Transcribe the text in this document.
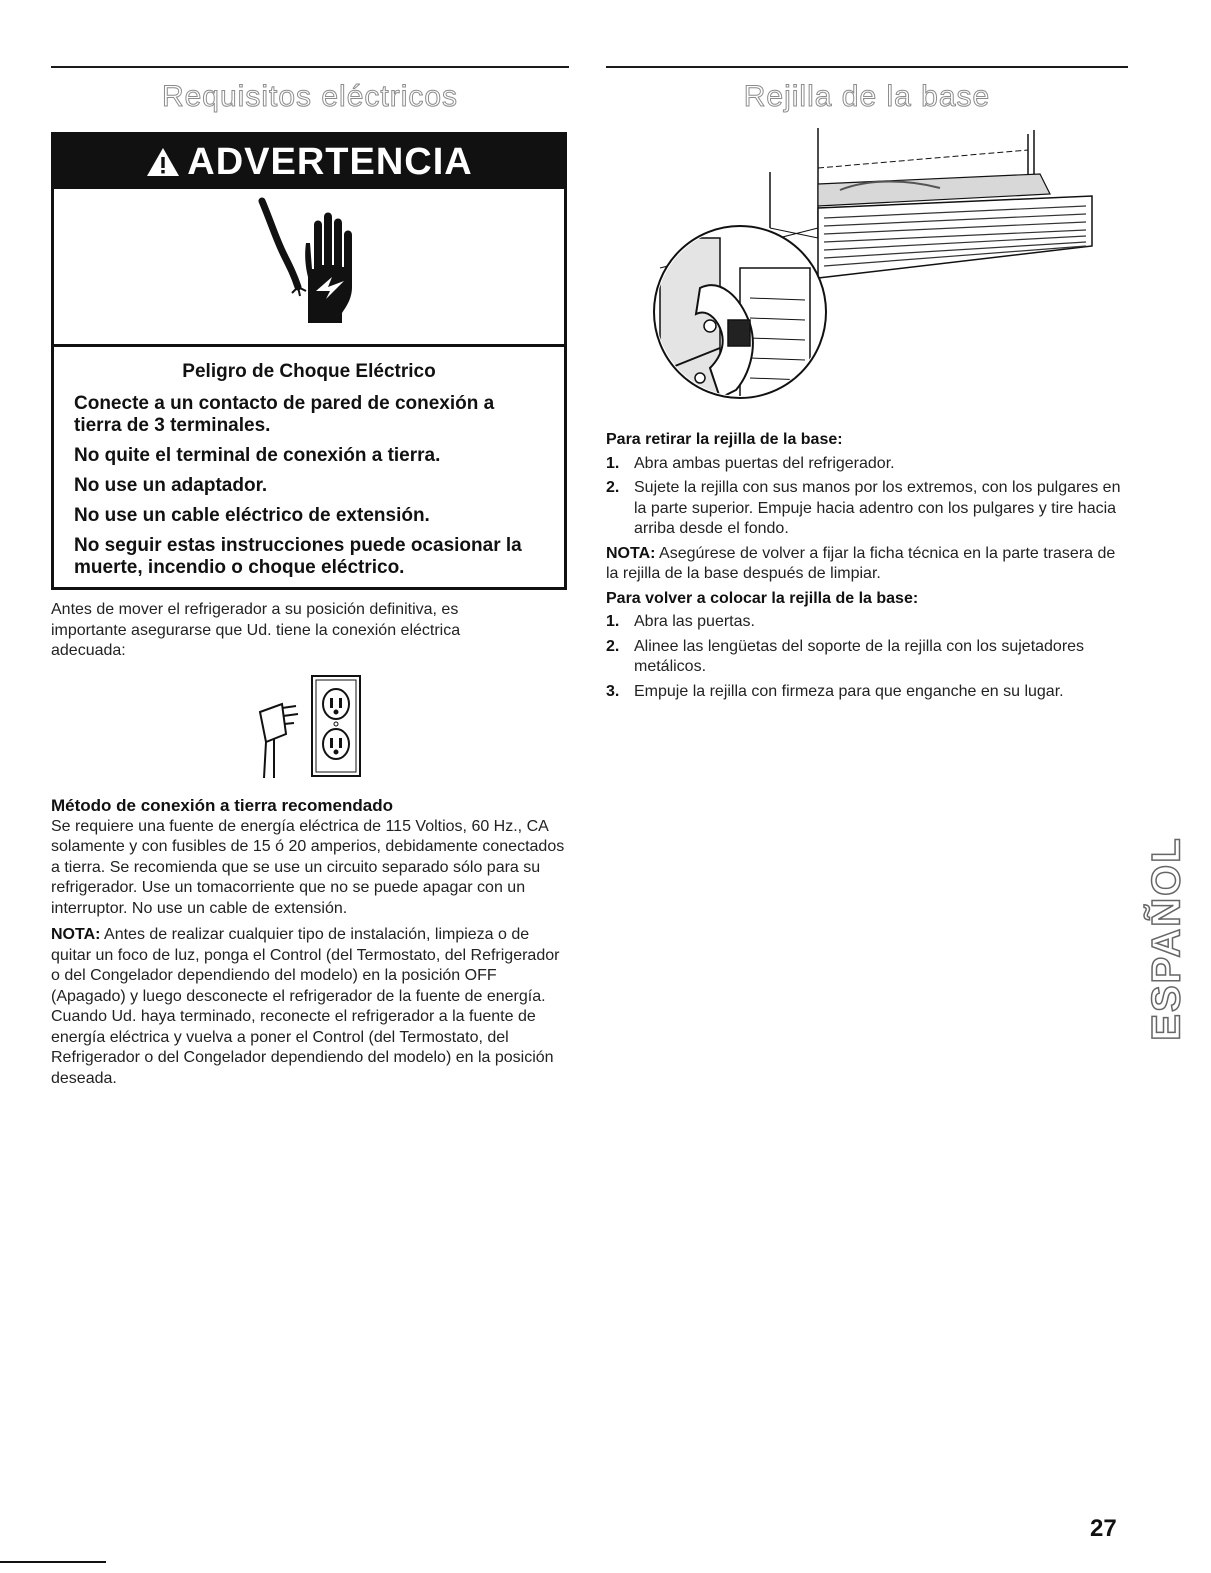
Requisitos eléctricos	Rejilla de la base
ADVERTENCIA

Peligro de Choque Eléctrico

Conecte a un contacto de pared de conexión a tierra de 3 terminales.

No quite el terminal de conexión a tierra.

No use un adaptador.

No use un cable eléctrico de extensión.

No seguir estas instrucciones puede ocasionar la muerte, incendio o choque eléctrico.

Antes de mover el refrigerador a su posición definitiva, es importante asegurarse que Ud. tiene la conexión eléctrica adecuada:

Método de conexión a tierra recomendado

Se requiere una fuente de energía eléctrica de 115 Voltios, 60 Hz., CA solamente y con fusibles de 15 ó 20 amperios, debidamente conectados a tierra. Se recomienda que se use un circuito separado sólo para su refrigerador. Use un tomacorriente que no se puede apagar con un interruptor. No use un cable de extensión.

NOTA: Antes de realizar cualquier tipo de instalación, limpieza o de quitar un foco de luz, ponga el Control (del Termostato, del Refrigerador o del Congelador dependiendo del modelo) en la posición OFF (Apagado) y luego desconecte el refrigerador de la fuente de energía. Cuando Ud. haya terminado, reconecte el refrigerador a la fuente de energía eléctrica y vuelva a poner el Control (del Termostato, del Refrigerador o del Congelador dependiendo del modelo) en la posición deseada.

Para retirar la rejilla de la base:

1. Abra ambas puertas del refrigerador.
2. Sujete la rejilla con sus manos por los extremos, con los pulgares en la parte superior. Empuje hacia adentro con los pulgares y tire hacia arriba desde el fondo.

NOTA: Asegúrese de volver a fijar la ficha técnica en la parte trasera de la rejilla de la base después de limpiar.

Para volver a colocar la rejilla de la base:

1. Abra las puertas.
2. Alinee las lengüetas del soporte de la rejilla con los sujetadores metálicos.
3. Empuje la rejilla con firmeza para que enganche en su lugar.
ESPAÑOL
27
